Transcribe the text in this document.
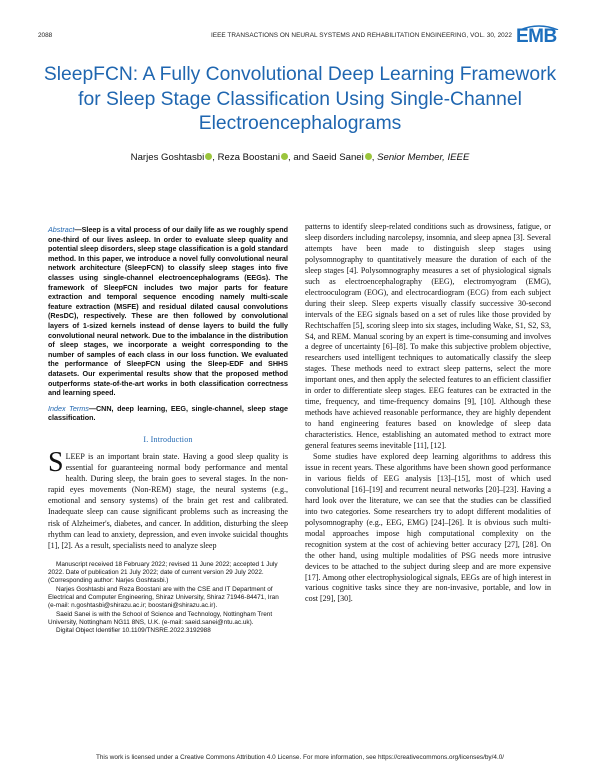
2088	IEEE TRANSACTIONS ON NEURAL SYSTEMS AND REHABILITATION ENGINEERING, VOL. 30, 2022 EMB
SleepFCN: A Fully Convolutional Deep Learning Framework for Sleep Stage Classification Using Single-Channel Electroencephalograms
Narjes Goshtasbi , Reza Boostani , and Saeid Sanei , Senior Member, IEEE

Abstract—Sleep is a vital process of our daily life as we roughly spend one-third of our lives asleep. In order to evaluate sleep quality and potential sleep disorders, sleep stage classification is a gold standard method. In this paper, we introduce a novel fully convolutional neural network architecture (SleepFCN) to classify sleep stages into five classes using single-channel electroencephalograms (EEGs). The framework of SleepFCN includes two major parts for feature extraction and temporal sequence encoding namely multi-scale feature extraction (MSFE) and residual dilated causal convolutions (ResDC), respectively. These are then followed by convolutional layers of 1-sized kernels instead of dense layers to build the fully convolutional neural network. Due to the imbalance in the distribution of sleep stages, we incorporate a weight corresponding to the number of samples of each class in our loss function. We evaluated the performance of SleepFCN using the Sleep-EDF and SHHS datasets. Our experimental results show that the proposed method outperforms state-of-the-art works in both classification correctness and learning speed.

Index Terms—CNN, deep learning, EEG, single-channel, sleep stage classification.

I. Introduction

SLEEP is an important brain state. Having a good sleep quality is essential for guaranteeing normal body performance and mental health. During sleep, the brain goes to several stages. In the non-rapid eyes movements (Non-REM) stage, the neural systems (e.g., emotional and sensory systems) of the brain get rest and calibrated. Inadequate sleep can cause significant problems such as increasing the risk of Alzheimer's, diabetes, and cancer. In addition, disturbing the sleep rhythm can lead to anxiety, depression, and even invoke suicidal thoughts [1], [2]. As a result, specialists need to analyze sleep

Manuscript received 18 February 2022; revised 11 June 2022; accepted 1 July 2022. Date of publication 21 July 2022; date of current version 29 July 2022. (Corresponding author: Narjes Goshtasbi.)

Narjes Goshtasbi and Reza Boostani are with the CSE and IT Department of Electrical and Computer Engineering, Shiraz University, Shiraz 71946-84471, Iran (e-mail: n.goshtasbi@shirazu.ac.ir; boostani@shirazu.ac.ir).

Saeid Sanei is with the School of Science and Technology, Nottingham Trent University, Nottingham NG11 8NS, U.K. (e-mail: saeid.sanei@ntu.ac.uk).

Digital Object Identifier 10.1109/TNSRE.2022.3192988

patterns to identify sleep-related conditions such as drowsiness, fatigue, or sleep disorders including narcolepsy, insomnia, and sleep apnea [3]. Several attempts have been made to distinguish sleep stages using polysomnography to quantitatively measure the duration of each of the sleep stages [4]. Polysomnography measures a set of physiological signals such as electroencephalography (EEG), electromyogram (EMG), electrooculogram (EOG), and electrocardiogram (ECG) from each subject during their sleep. Sleep experts visually classify successive 30-second intervals of the EEG signals based on a set of rules like those provided by Rechtschaffen [5], scoring sleep into six stages, including Wake, S1, S2, S3, S4, and REM. Manual scoring by an expert is time-consuming and involves a degree of uncertainty [6]–[8]. To make this subjective problem objective, researchers used intelligent techniques to automatically classify the sleep stages. These methods need to extract sleep patterns, select the more important ones, and then apply the selected features to an efficient classifier in order to differentiate sleep stages. EEG features can be extracted in the time, frequency, and time-frequency domains [9], [10]. Although these methods have achieved reasonable performance, they are highly dependent to hand engineering features based on knowledge of sleep data characteristics. Hence, establishing an automated method to extract more general features seems inevitable [11], [12].

Some studies have explored deep learning algorithms to address this issue in recent years. These algorithms have been shown good performance in various fields of EEG analysis [13]–[15], most of which used convolutional [16]–[19] and recurrent neural networks [20]–[23]. Having a hard look over the literature, we can see that the studies can be classified into two categories. Some researchers try to adopt different modalities of polysomnography (e.g., EEG, EMG) [24]–[26]. It is obvious such multi-modal approaches impose high computational complexity on the recognition system at the cost of achieving better accuracy [27], [28]. On the other hand, using multiple modalities of PSG needs more intrusive devices to be attached to the subject during sleep and are more expensive [17]. Among other electrophysiological signals, EEGs are of high interest in various cognitive tasks since they are non-invasive, portable, and low in cost [29], [30].

This work is licensed under a Creative Commons Attribution 4.0 License. For more information, see https://creativecommons.org/licenses/by/4.0/
